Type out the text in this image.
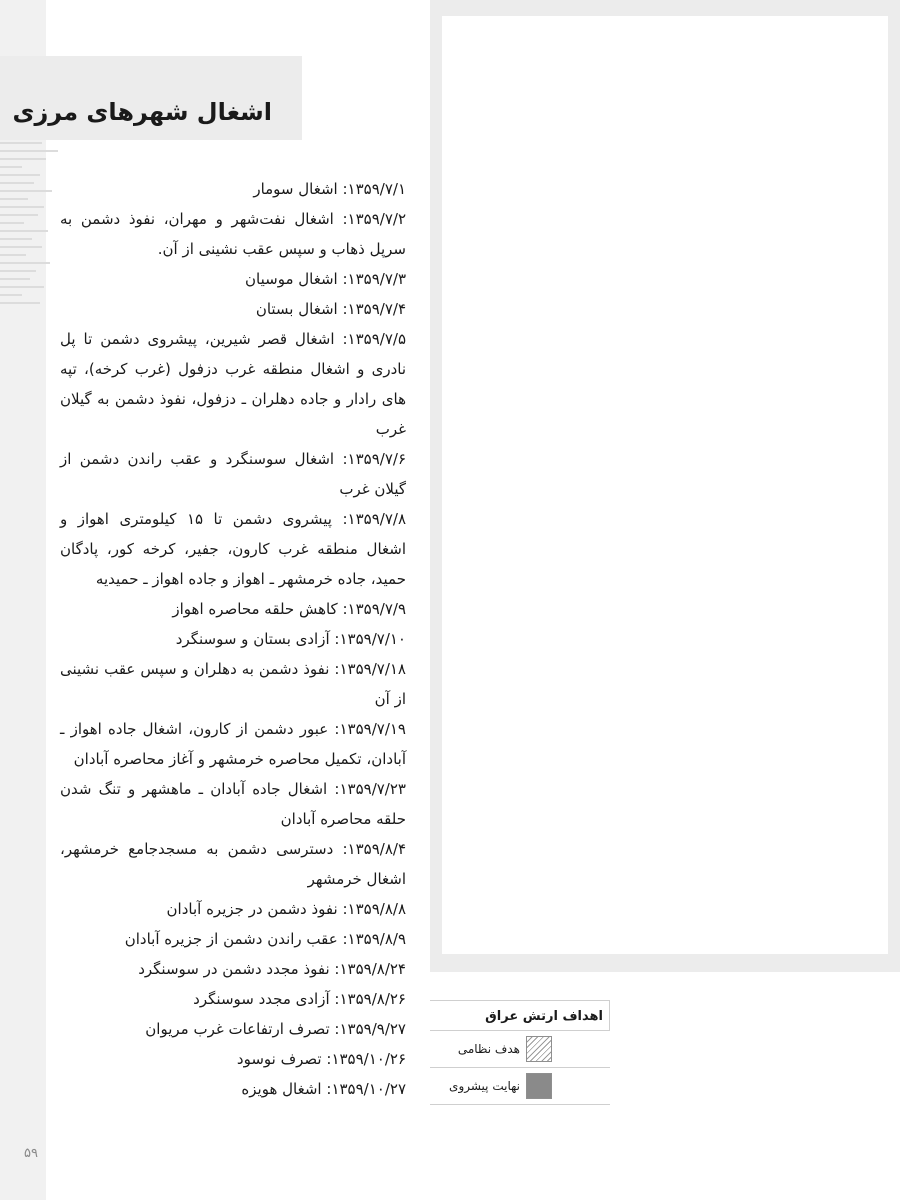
اشغال شهرهای مرزی

۱۳۵۹/۷/۱: اشغال سومار

۱۳۵۹/۷/۲: اشغال نفت‌شهر و مهران، نفوذ دشمن به سرپل ذهاب و سپس عقب نشینی از آن.

۱۳۵۹/۷/۳: اشغال موسیان

۱۳۵۹/۷/۴: اشغال بستان

۱۳۵۹/۷/۵: اشغال قصر شیرین، پیشروی دشمن تا پل نادری و اشغال منطقه غرب دزفول (غرب کرخه)، تپه های رادار و جاده دهلران ـ دزفول، نفوذ دشمن به گیلان غرب

۱۳۵۹/۷/۶: اشغال سوسنگرد و عقب راندن دشمن از گیلان غرب

۱۳۵۹/۷/۸: پیشروی دشمن تا ۱۵ کیلومتری اهواز و اشغال منطقه غرب کارون، جفیر، کرخه کور، پادگان حمید، جاده خرمشهر ـ اهواز و جاده اهواز ـ حمیدیه

۱۳۵۹/۷/۹: کاهش حلقه محاصره اهواز

۱۳۵۹/۷/۱۰: آزادی بستان و سوسنگرد

۱۳۵۹/۷/۱۸: نفوذ دشمن به دهلران و سپس عقب نشینی از آن

۱۳۵۹/۷/۱۹: عبور دشمن از کارون، اشغال جاده اهواز ـ آبادان، تکمیل محاصره خرمشهر و آغاز محاصره آبادان

۱۳۵۹/۷/۲۳: اشغال جاده آبادان ـ ماهشهر و تنگ شدن حلقه محاصره آبادان

۱۳۵۹/۸/۴: دسترسی دشمن به مسجدجامع خرمشهر، اشغال خرمشهر

۱۳۵۹/۸/۸: نفوذ دشمن در جزیره آبادان

۱۳۵۹/۸/۹: عقب راندن دشمن از جزیره آبادان

۱۳۵۹/۸/۲۴: نفوذ مجدد دشمن در سوسنگرد

۱۳۵۹/۸/۲۶: آزادی مجدد سوسنگرد

۱۳۵۹/۹/۲۷: تصرف ارتفاعات غرب مریوان

۱۳۵۹/۱۰/۲۶: تصرف نوسود

۱۳۵۹/۱۰/۲۷: اشغال هویزه

اهداف ارتش عراق
هدف نظامی
نهایت پیشروی
۵۹
